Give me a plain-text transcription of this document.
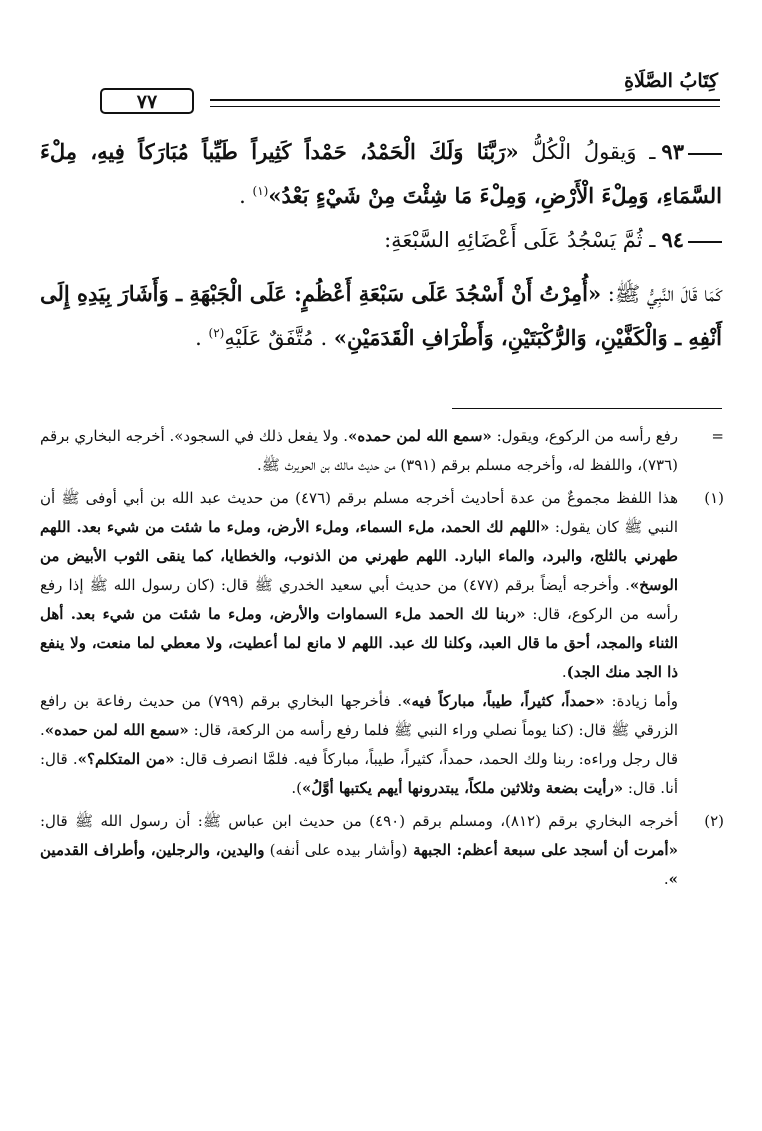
كِتَابُ الصَّلَاةِ
٧٧

٩٣ـ وَيقولُ الْكُلُّ «رَبَّنَا وَلَكَ الْحَمْدُ، حَمْداً كَثِيراً طَيِّباً مُبَارَكاً فِيهِ، مِلْءَ السَّمَاءِ، وَمِلْءَ الْأَرْضِ، وَمِلْءَ مَا شِئْتَ مِنْ شَيْءٍ بَعْدُ»$^{(١)}$ .

٩٤ـ ثُمَّ يَسْجُدُ عَلَى أَعْضَائِهِ السَّبْعَةِ:

كَمَا قَالَ النَّبِيُّ ﷺ: «أُمِرْتُ أَنْ أَسْجُدَ عَلَى سَبْعَةِ أَعْظُمٍ: عَلَى الْجَبْهَةِ ـ وَأَشَارَ بِيَدِهِ إِلَى أَنْفِهِ ـ وَالْكَفَّيْنِ، وَالرُّكْبَتَيْنِ، وَأَطْرَافِ الْقَدَمَيْنِ» . مُتَّفَقٌ عَلَيْهِ$^{(٢)}$ .

=

رفع رأسه من الركوع، ويقول: «سمع الله لمن حمده». ولا يفعل ذلك في السجود». أخرجه البخاري برقم (٧٣٦)، واللفظ له، وأخرجه مسلم برقم (٣٩١) من حديث مالك بن الحويرث ﷺ.

(١)

هذا اللفظ مجموعٌ من عدة أحاديث أخرجه مسلم برقم (٤٧٦) من حديث عبد الله بن أبي أوفى ﷺ أن النبي ﷺ كان يقول: «اللهم لك الحمد، ملء السماء، وملء الأرض، وملء ما شئت من شيء بعد. اللهم طهرني بالثلج، والبرد، والماء البارد. اللهم طهرني من الذنوب، والخطايا، كما ينقى الثوب الأبيض من الوسخ». وأخرجه أيضاً برقم (٤٧٧) من حديث أبي سعيد الخدري ﷺ قال: (كان رسول الله ﷺ إذا رفع رأسه من الركوع، قال: «ربنا لك الحمد ملء السماوات والأرض، وملء ما شئت من شيء بعد. أهل الثناء والمجد، أحق ما قال العبد، وكلنا لك عبد. اللهم لا مانع لما أعطيت، ولا معطي لما منعت، ولا ينفع ذا الجد منك الجد).

وأما زيادة: «حمداً، كثيراً، طيباً، مباركاً فيه». فأخرجها البخاري برقم (٧٩٩) من حديث رفاعة بن رافع الزرقي ﷺ قال: (كنا يوماً نصلي وراء النبي ﷺ فلما رفع رأسه من الركعة، قال: «سمع الله لمن حمده». قال رجل وراءه: ربنا ولك الحمد، حمداً، كثيراً، طيباً، مباركاً فيه. فلمَّا انصرف قال: «من المتكلم؟». قال: أنا. قال: «رأيت بضعة وثلاثين ملكاً، يبتدرونها أيهم يكتبها أوَّلُ»).

(٢)

أخرجه البخاري برقم (٨١٢)، ومسلم برقم (٤٩٠) من حديث ابن عباس ﷺ: أن رسول الله ﷺ قال: «أمرت أن أسجد على سبعة أعظم: الجبهة (وأشار بيده على أنفه) واليدين، والرجلين، وأطراف القدمين ».
